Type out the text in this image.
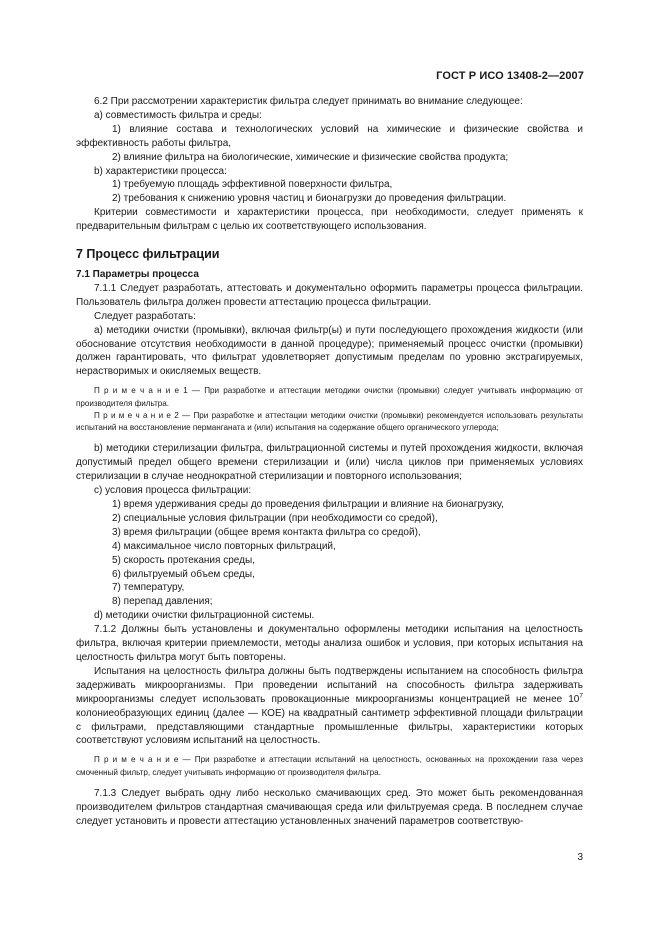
ГОСТ Р ИСО 13408-2—2007

6.2 При рассмотрении характеристик фильтра следует принимать во внимание следующее:

а) совместимость фильтра и среды:

1) влияние состава и технологических условий на химические и физические свойства и эффективность работы фильтра,

2) влияние фильтра на биологические, химические и физические свойства продукта;

b) характеристики процесса:

1) требуемую площадь эффективной поверхности фильтра,

2) требования к снижению уровня частиц и бионагрузки до проведения фильтрации.

Критерии совместимости и характеристики процесса, при необходимости, следует применять к предварительным фильтрам с целью их соответствующего использования.

7 Процесс фильтрации
7.1 Параметры процесса

7.1.1 Следует разработать, аттестовать и документально оформить параметры процесса фильтрации. Пользователь фильтра должен провести аттестацию процесса фильтрации.

Следует разработать:

а) методики очистки (промывки), включая фильтр(ы) и пути последующего прохождения жидкости (или обоснование отсутствия необходимости в данной процедуре); применяемый процесс очистки (промывки) должен гарантировать, что фильтрат удовлетворяет допустимым пределам по уровню экстрагируемых, нерастворимых и окисляемых веществ.

П р и м е ч а н и е 1 — При разработке и аттестации методики очистки (промывки) следует учитывать информацию от производителя фильтра.

П р и м е ч а н и е 2 — При разработке и аттестации методики очистки (промывки) рекомендуется использовать результаты испытаний на восстановление перманганата и (или) испытания на содержание общего органического углерода;

b) методики стерилизации фильтра, фильтрационной системы и путей прохождения жидкости, включая допустимый предел общего времени стерилизации и (или) числа циклов при применяемых условиях стерилизации в случае неоднократной стерилизации и повторного использования;

c) условия процесса фильтрации:

1) время удерживания среды до проведения фильтрации и влияние на бионагрузку,

2) специальные условия фильтрации (при необходимости со средой),

3) время фильтрации (общее время контакта фильтра со средой),

4) максимальное число повторных фильтраций,

5) скорость протекания среды,

6) фильтруемый объем среды,

7) температуру,

8) перепад давления;

d) методики очистки фильтрационной системы.

7.1.2 Должны быть установлены и документально оформлены методики испытания на целостность фильтра, включая критерии приемлемости, методы анализа ошибок и условия, при которых испытания на целостность фильтра могут быть повторены.

Испытания на целостность фильтра должны быть подтверждены испытанием на способность фильтра задерживать микроорганизмы. При проведении испытаний на способность фильтра задерживать микроорганизмы следует использовать провокационные микроорганизмы концентрацией не менее $10^7$ колониеобразующих единиц (далее — КОЕ) на квадратный сантиметр эффективной площади фильтрации с фильтрами, представляющими стандартные промышленные фильтры, характеристики которых соответствуют условиям испытаний на целостность.

П р и м е ч а н и е — При разработке и аттестации испытаний на целостность, основанных на прохождении газа через смоченный фильтр, следует учитывать информацию от производителя фильтра.

7.1.3 Следует выбрать одну либо несколько смачивающих сред. Это может быть рекомендованная производителем фильтров стандартная смачивающая среда или фильтруемая среда. В последнем случае следует установить и провести аттестацию установленных значений параметров соответствую-

3
